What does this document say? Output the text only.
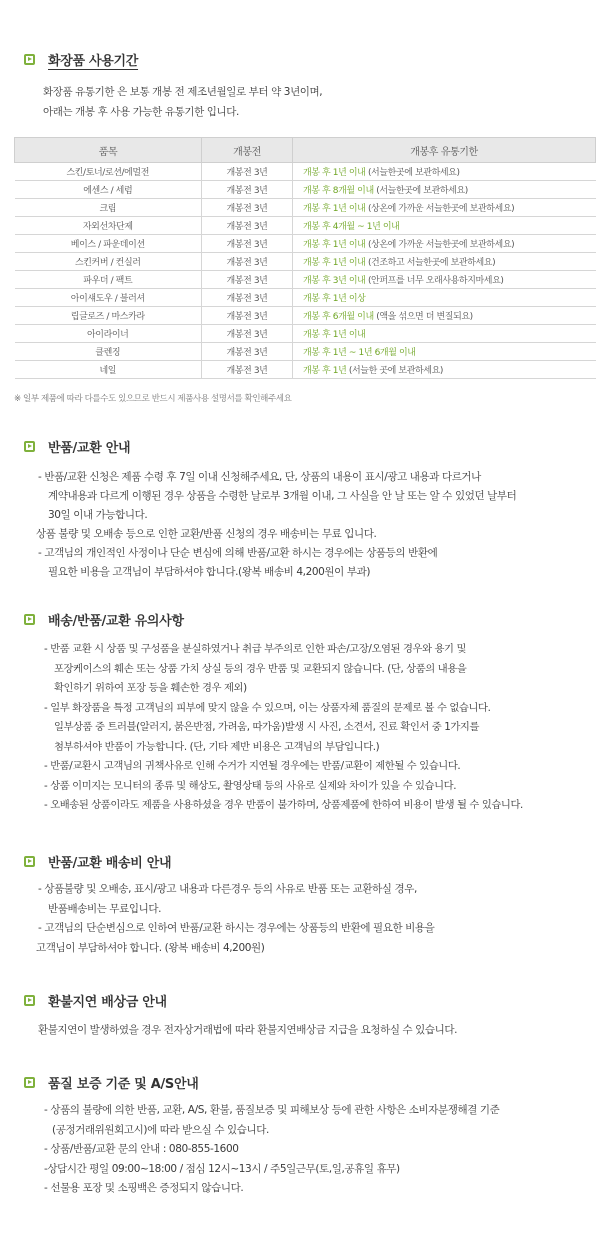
화장품 사용기간
화장품 유통기한 은 보통 개봉 전 제조년월일로 부터 약 3년이며,
아래는 개봉 후 사용 가능한 유통기한 입니다.
품목	개봉전	개봉후 유통기한
스킨/토너/로션/에멀전	개봉전 3년	개봉 후 1년 이내 (서늘한곳에 보관하세요)
에센스 / 세럼	개봉전 3년	개봉 후 8개월 이내 (서늘한곳에 보관하세요)
크림	개봉전 3년	개봉 후 1년 이내 (상온에 가까운 서늘한곳에 보관하세요)
자외선차단제	개봉전 3년	개봉 후 4개월 ~ 1년 이내
베이스 / 파운데이션	개봉전 3년	개봉 후 1년 이내 (상온에 가까운 서늘한곳에 보관하세요)
스킨커버 / 컨실러	개봉전 3년	개봉 후 1년 이내 (건조하고 서늘한곳에 보관하세요)
파우더 / 팩트	개봉전 3년	개봉 후 3년 이내 (안퍼프를 너무 오래사용하지마세요)
아이섀도우 / 블러셔	개봉전 3년	개봉 후 1년 이상
립글로즈 / 마스카라	개봉전 3년	개봉 후 6개월 이내 (액을 섞으면 더 변질되요)
아이라이너	개봉전 3년	개봉 후 1년 이내
클렌징	개봉전 3년	개봉 후 1년 ~ 1년 6개월 이내
네일	개봉전 3년	개봉 후 1년 (서늘한 곳에 보관하세요)
※ 일부 제품에 따라 다를수도 있으므로 반드시 제품사용 설명서를 확인해주세요
반품/교환 안내
- 반품/교환 신청은 제품 수령 후 7일 이내 신청해주세요, 단, 상품의 내용이 표시/광고 내용과 다르거나
계약내용과 다르게 이행된 경우 상품을 수령한 날로부 3개월 이내, 그 사실을 안 날 또는 알 수 있었던 날부터
30일 이내 가능합니다.
상품 불량 및 오배송 등으로 인한 교환/반품 신청의 경우 배송비는 무료 입니다.
- 고객님의 개인적인 사정이나 단순 변심에 의해 반품/교환 하시는 경우에는 상품등의 반환에
필요한 비용을 고객님이 부담하셔야 합니다.(왕복 배송비 4,200원이 부과)
배송/반품/교환 유의사항
- 반품 교환 시 상품 및 구성품을 분실하였거나 취급 부주의로 인한 파손/고장/오염된 경우와 용기 및
포장케이스의 훼손 또는 상품 가치 상실 등의 경우 반품 및 교환되지 않습니다. (단, 상품의 내용을
확인하기 위하여 포장 등을 훼손한 경우 제외)
- 일부 화장품을 특정 고객님의 피부에 맞지 않을 수 있으며, 이는 상품자체 품질의 문제로 볼 수 없습니다.
일부상품 중 트러블(알러지, 붉은반점, 가려움, 따가움)발생 시 사진, 소견서, 진료 확인서 중 1가지를
첨부하셔야 반품이 가능합니다. (단, 기타 제반 비용은 고객님의 부담입니다.)
- 반품/교환시 고객님의 귀책사유로 인해 수거가 지연될 경우에는 반품/교환이 제한될 수 있습니다.
- 상품 이미지는 모니터의 종류 및 해상도, 촬영상태 등의 사유로 실제와 차이가 있을 수 있습니다.
- 오배송된 상품이라도 제품을 사용하셨을 경우 반품이 불가하며, 상품제품에 한하여 비용이 발생 될 수 있습니다.
반품/교환 배송비 안내
- 상품불량 및 오배송, 표시/광고 내용과 다른경우 등의 사유로 반품 또는 교환하실 경우,
반품배송비는 무료입니다.
- 고객님의 단순변심으로 인하여 반품/교환 하시는 경우에는 상품등의 반환에 필요한 비용을
고객님이 부담하셔야 합니다. (왕복 배송비 4,200원)
환불지연 배상금 안내
환불지연이 발생하였을 경우 전자상거래법에 따라 환불지연배상금 지급을 요청하실 수 있습니다.
품질 보증 기준 및 A/S안내
- 상품의 불량에 의한 반품, 교환, A/S, 환불, 품질보증 및 피해보상 등에 관한 사항은 소비자분쟁해결 기준
(공정거래위원회고시)에 따라 받으실 수 있습니다.
- 상품/반품/교환 문의 안내 : 080-855-1600
-상담시간 평일 09:00~18:00 / 점심 12시~13시 / 주5일근무(토,일,공휴일 휴무)
- 선물용 포장 및 소핑백은 증정되지 않습니다.
